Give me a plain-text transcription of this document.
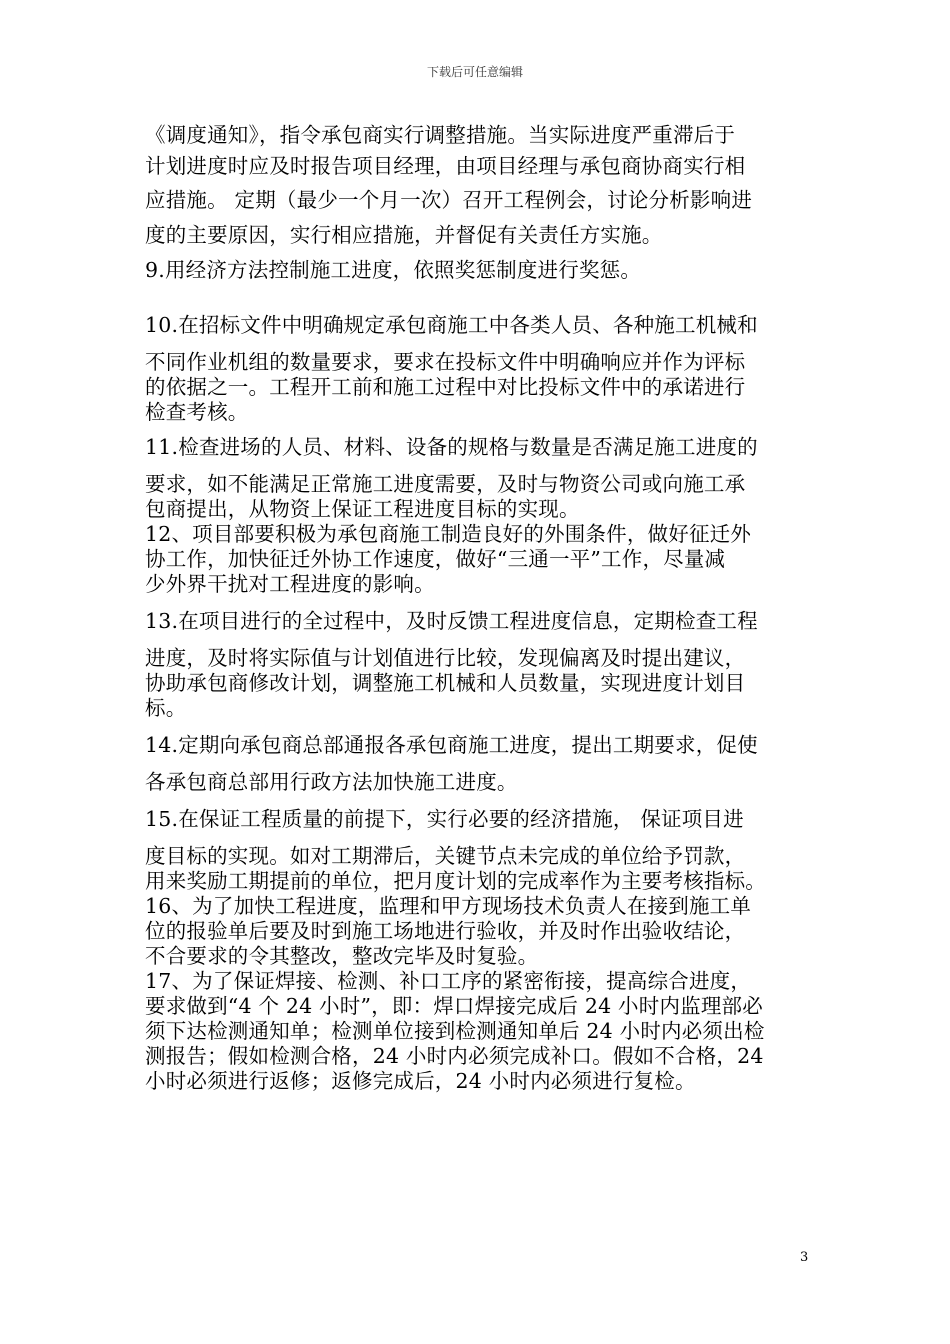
下载后可任意编辑
《调度通知》，指令承包商实行调整措施。当实际进度严重滞后于
计划进度时应及时报告项目经理，由项目经理与承包商协商实行相
应措施。 定期（最少一个月一次）召开工程例会，讨论分析影响进
度的主要原因，实行相应措施，并督促有关责任方实施。
9.用经济方法控制施工进度，依照奖惩制度进行奖惩。
10.在招标文件中明确规定承包商施工中各类人员、各种施工机械和
不同作业机组的数量要求，要求在投标文件中明确响应并作为评标
的依据之一。工程开工前和施工过程中对比投标文件中的承诺进行
检查考核。
11.检查进场的人员、材料、设备的规格与数量是否满足施工进度的
要求，如不能满足正常施工进度需要，及时与物资公司或向施工承
包商提出，从物资上保证工程进度目标的实现。
12、项目部要积极为承包商施工制造良好的外围条件，做好征迁外
协工作，加快征迁外协工作速度，做好“三通一平”工作，尽量减
少外界干扰对工程进度的影响。
13.在项目进行的全过程中，及时反馈工程进度信息，定期检查工程
进度，及时将实际值与计划值进行比较，发现偏离及时提出建议，
协助承包商修改计划，调整施工机械和人员数量，实现进度计划目
标。
14.定期向承包商总部通报各承包商施工进度，提出工期要求，促使
各承包商总部用行政方法加快施工进度。
15.在保证工程质量的前提下，实行必要的经济措施， 保证项目进
度目标的实现。如对工期滞后，关键节点未完成的单位给予罚款，
用来奖励工期提前的单位，把月度计划的完成率作为主要考核指标。
16、为了加快工程进度，监理和甲方现场技术负责人在接到施工单
位的报验单后要及时到施工场地进行验收，并及时作出验收结论，
不合要求的令其整改，整改完毕及时复验。
17、为了保证焊接、检测、补口工序的紧密衔接，提高综合进度，
要求做到“4 个 24 小时”，即：焊口焊接完成后 24 小时内监理部必
须下达检测通知单；检测单位接到检测通知单后 24 小时内必须出检
测报告；假如检测合格，24 小时内必须完成补口。假如不合格，24
小时必须进行返修；返修完成后，24 小时内必须进行复检。
3
